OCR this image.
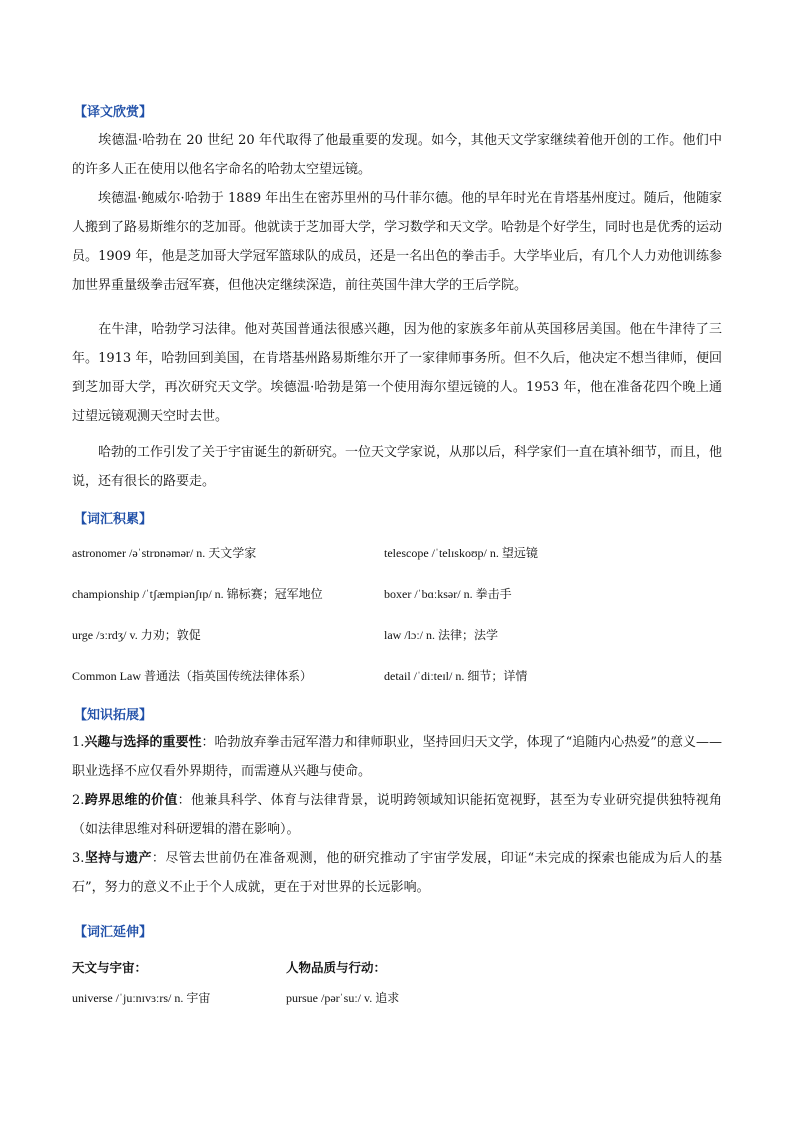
【译文欣赏】

埃德温·哈勃在 20 世纪 20 年代取得了他最重要的发现。如今，其他天文学家继续着他开创的工作。他们中的许多人正在使用以他名字命名的哈勃太空望远镜。

埃德温·鲍威尔·哈勃于 1889 年出生在密苏里州的马什菲尔德。他的早年时光在肯塔基州度过。随后，他随家人搬到了路易斯维尔的芝加哥。他就读于芝加哥大学，学习数学和天文学。哈勃是个好学生，同时也是优秀的运动员。1909 年，他是芝加哥大学冠军篮球队的成员，还是一名出色的拳击手。大学毕业后，有几个人力劝他训练参加世界重量级拳击冠军赛，但他决定继续深造，前往英国牛津大学的王后学院。

在牛津，哈勃学习法律。他对英国普通法很感兴趣，因为他的家族多年前从英国移居美国。他在牛津待了三年。1913 年，哈勃回到美国，在肯塔基州路易斯维尔开了一家律师事务所。但不久后，他决定不想当律师，便回到芝加哥大学，再次研究天文学。埃德温·哈勃是第一个使用海尔望远镜的人。1953 年，他在准备花四个晚上通过望远镜观测天空时去世。

哈勃的工作引发了关于宇宙诞生的新研究。一位天文学家说，从那以后，科学家们一直在填补细节，而且，他说，还有很长的路要走。

【词汇积累】
astronomer /əˈstrɒnəmər/ n. 天文学家	telescope /ˈtelɪskoʊp/ n. 望远镜
championship /ˈtʃæmpiənʃɪp/ n. 锦标赛；冠军地位	boxer /ˈbɑːksər/ n. 拳击手
urge /ɜːrdʒ/ v. 力劝；敦促	law /lɔː/ n. 法律；法学
Common Law 普通法（指英国传统法律体系）	detail /ˈdiːteɪl/ n. 细节；详情
【知识拓展】

1.兴趣与选择的重要性：哈勃放弃拳击冠军潜力和律师职业，坚持回归天文学，体现了“追随内心热爱”的意义——职业选择不应仅看外界期待，而需遵从兴趣与使命。

2.跨界思维的价值：他兼具科学、体育与法律背景，说明跨领域知识能拓宽视野，甚至为专业研究提供独特视角（如法律思维对科研逻辑的潜在影响）。

3.坚持与遗产：尽管去世前仍在准备观测，他的研究推动了宇宙学发展，印证“未完成的探索也能成为后人的基石”，努力的意义不止于个人成就，更在于对世界的长远影响。

【词汇延伸】
天文与宇宙：	人物品质与行动：
universe /ˈjuːnɪvɜːrs/ n. 宇宙	pursue /pərˈsuː/ v. 追求
